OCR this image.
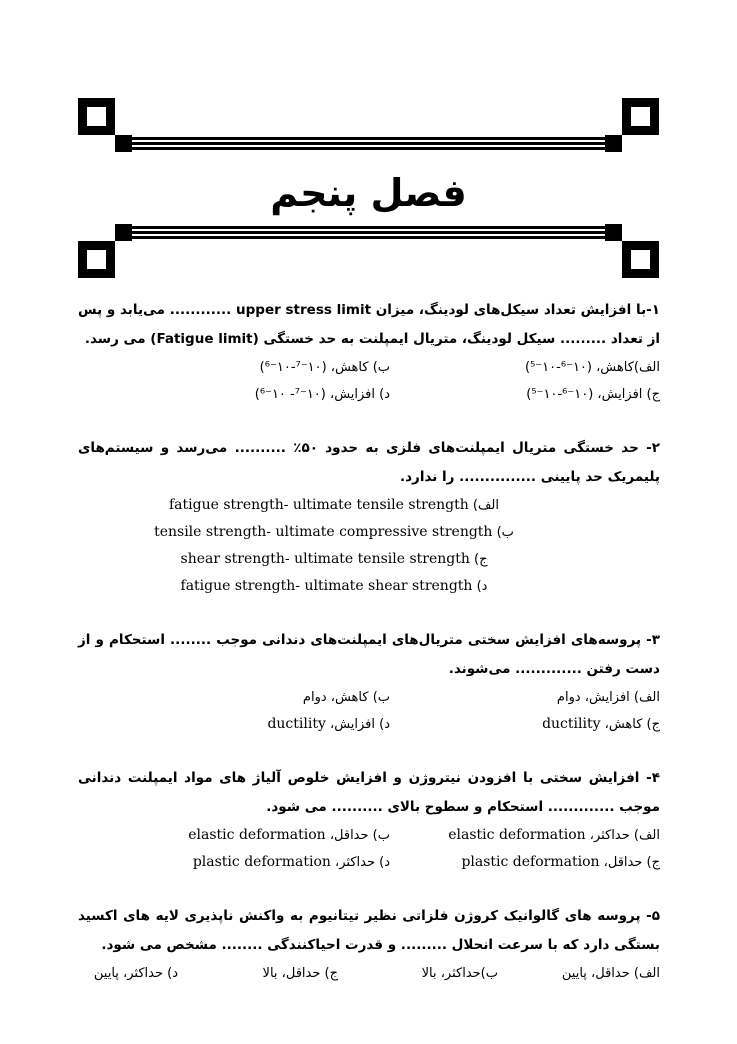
فصل پنجم

۱-با افزایش تعداد سیکل‌های لودینگ، میزان upper stress limit ............ می‌یابد و پس از تعداد ......... سیکل لودینگ، متریال ایمپلنت به حد خستگی (Fatigue limit) می رسد.

الف)کاهش، (۱۰⁻⁶-۱۰⁻⁵)
ب) کاهش، (۱۰⁻⁷-۱۰⁻⁶)
ج) افزایش، (۱۰⁻⁶-۱۰⁻⁵)
د) افزایش، (۱۰⁻⁷- ۱۰⁻⁶)

۲- حد خستگی متریال ایمپلنت‌های فلزی به حدود ۵۰٪ .......... می‌رسد و سیستم‌های پلیمریک حد پایینی ............... را ندارد.

الف) fatigue strength- ultimate tensile strength
ب) tensile strength- ultimate compressive strength
ج) shear strength- ultimate tensile strength
د) fatigue strength- ultimate shear strength

۳- پروسه‌های افزایش سختی متریال‌های ایمپلنت‌های دندانی موجب ........ استحکام و از دست رفتن ............. می‌شوند.

الف) افزایش، دوام
ب) کاهش، دوام
ج) کاهش، ductility
د) افزایش، ductility

۴- افزایش سختی با افزودن نیتروژن و افزایش خلوص آلیاژ های مواد ایمپلنت دندانی موجب ............. استحکام و سطوح بالای .......... می شود.

الف) حداکثر، elastic deformation
ب) حداقل، elastic deformation
ج) حداقل، plastic deformation
د) حداکثر، plastic deformation

۵- پروسه های گالوانیک کروژن فلزاتی نظیر تیتانیوم به واکنش ناپذیری لایه های اکسید بستگی دارد که با سرعت انحلال ......... و قدرت احیاکنندگی ........ مشخص می شود.

الف) حداقل، پایین
ب)حداکثر، بالا
ج) حداقل، بالا
د) حداکثر، پایین
